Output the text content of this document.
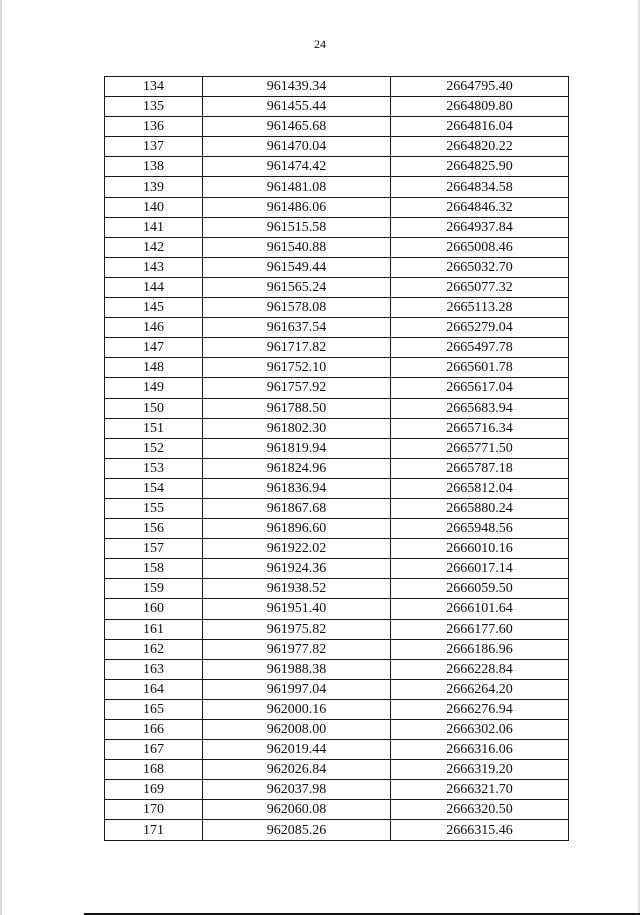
24
134	961439.34	2664795.40
135	961455.44	2664809.80
136	961465.68	2664816.04
137	961470.04	2664820.22
138	961474.42	2664825.90
139	961481.08	2664834.58
140	961486.06	2664846.32
141	961515.58	2664937.84
142	961540.88	2665008.46
143	961549.44	2665032.70
144	961565.24	2665077.32
145	961578.08	2665113.28
146	961637.54	2665279.04
147	961717.82	2665497.78
148	961752.10	2665601.78
149	961757.92	2665617.04
150	961788.50	2665683.94
151	961802.30	2665716.34
152	961819.94	2665771.50
153	961824.96	2665787.18
154	961836.94	2665812.04
155	961867.68	2665880.24
156	961896.60	2665948.56
157	961922.02	2666010.16
158	961924.36	2666017.14
159	961938.52	2666059.50
160	961951.40	2666101.64
161	961975.82	2666177.60
162	961977.82	2666186.96
163	961988.38	2666228.84
164	961997.04	2666264.20
165	962000.16	2666276.94
166	962008.00	2666302.06
167	962019.44	2666316.06
168	962026.84	2666319.20
169	962037.98	2666321.70
170	962060.08	2666320.50
171	962085.26	2666315.46
